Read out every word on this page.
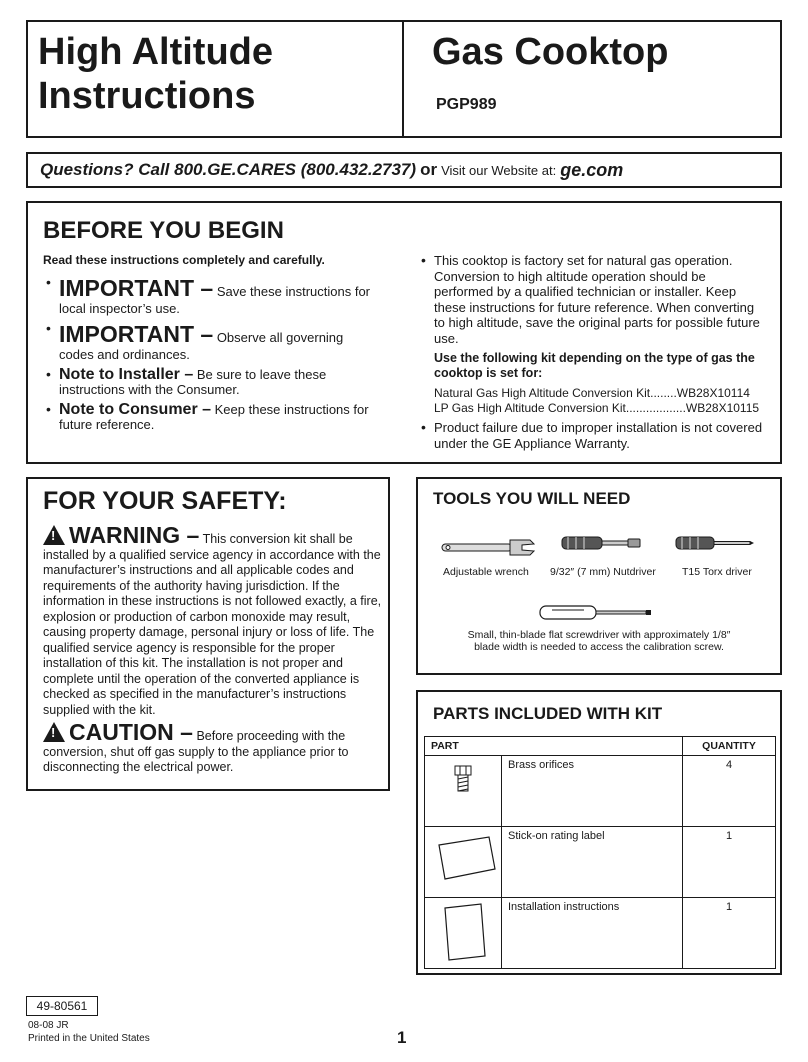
High Altitude
Instructions
Gas Cooktop
PGP989
Questions? Call 800.GE.CARES (800.432.2737) or Visit our Website at: ge.com
BEFORE YOU BEGIN
Read these instructions completely and carefully.
• IMPORTANT – Save these instructions for local inspector’s use.
• IMPORTANT – Observe all governing codes and ordinances.
• Note to Installer – Be sure to leave these instructions with the Consumer.
• Note to Consumer – Keep these instructions for future reference.
• This cooktop is factory set for natural gas operation. Conversion to high altitude operation should be performed by a qualified technician or installer. Keep these instructions for future reference. When converting to high altitude, save the original parts for possible future use.
Use the following kit depending on the type of gas the cooktop is set for:
Natural Gas High Altitude Conversion Kit........WB28X10114
LP Gas High Altitude Conversion Kit..................WB28X10115
• Product failure due to improper installation is not covered under the GE Appliance Warranty.
FOR YOUR SAFETY:
! WARNING – This conversion kit shall be installed by a qualified service agency in accordance with the manufacturer’s instructions and all applicable codes and requirements of the authority having jurisdiction. If the information in these instructions is not followed exactly, a fire, explosion or production of carbon monoxide may result, causing property damage, personal injury or loss of life. The qualified service agency is responsible for the proper installation of this kit. The installation is not proper and complete until the operation of the converted appliance is checked as specified in the manufacturer’s instructions supplied with the kit.
! CAUTION – Before proceeding with the conversion, shut off gas supply to the appliance prior to disconnecting the electrical power.
TOOLS YOU WILL NEED
Adjustable wrench 9/32″ (7 mm) Nutdriver T15 Torx driver
Small, thin-blade flat screwdriver with approximately 1/8″
blade width is needed to access the calibration screw.
PARTS INCLUDED WITH KIT
PART		QUANTITY
	Brass orifices	4
	Stick-on rating label	1
	Installation instructions	1
49-80561
08-08 JR
Printed in the United States	1
